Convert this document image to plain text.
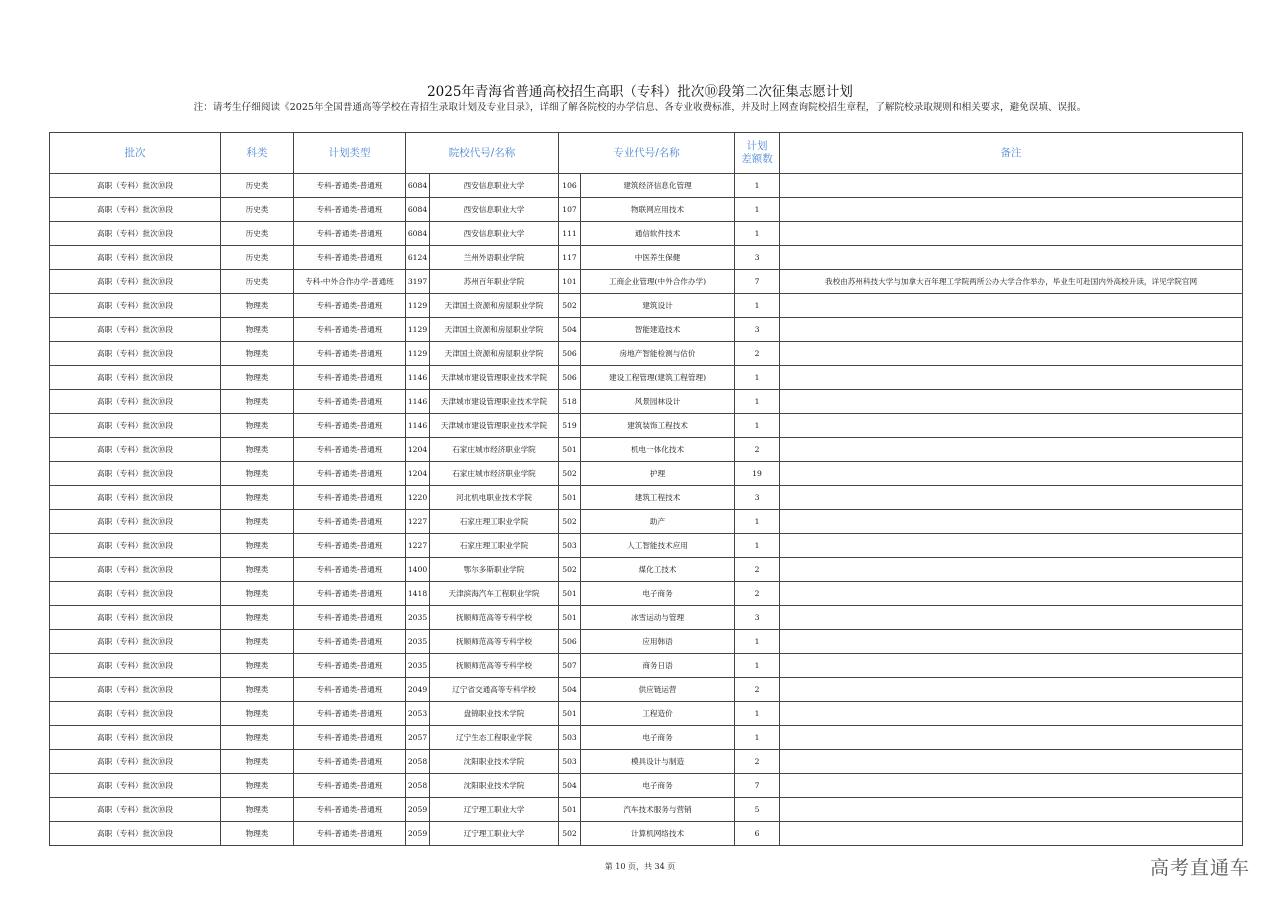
2025年青海省普通高校招生高职（专科）批次⑩段第二次征集志愿计划
注：请考生仔细阅读《2025年全国普通高等学校在青招生录取计划及专业目录》，详细了解各院校的办学信息、各专业收费标准，并及时上网查询院校招生章程，了解院校录取规则和相关要求，避免误填、误报。
批次	科类	计划类型	院校代号/名称		专业代号/名称		计划
差额数	备注
高职（专科）批次⑩段	历史类	专科-普通类-普通班	6084	西安信息职业大学	106	建筑经济信息化管理	1	
高职（专科）批次⑩段	历史类	专科-普通类-普通班	6084	西安信息职业大学	107	物联网应用技术	1	
高职（专科）批次⑩段	历史类	专科-普通类-普通班	6084	西安信息职业大学	111	通信软件技术	1	
高职（专科）批次⑩段	历史类	专科-普通类-普通班	6124	兰州外语职业学院	117	中医养生保健	3	
高职（专科）批次⑩段	历史类	专科-中外合作办学-普通班	3197	苏州百年职业学院	101	工商企业管理(中外合作办学)	7	我校由苏州科技大学与加拿大百年理工学院两所公办大学合作举办，毕业生可赴国内外高校升读，详见学院官网
高职（专科）批次⑩段	物理类	专科-普通类-普通班	1129	天津国土资源和房屋职业学院	502	建筑设计	1	
高职（专科）批次⑩段	物理类	专科-普通类-普通班	1129	天津国土资源和房屋职业学院	504	智能建造技术	3	
高职（专科）批次⑩段	物理类	专科-普通类-普通班	1129	天津国土资源和房屋职业学院	506	房地产智能检测与估价	2	
高职（专科）批次⑩段	物理类	专科-普通类-普通班	1146	天津城市建设管理职业技术学院	506	建设工程管理(建筑工程管理)	1	
高职（专科）批次⑩段	物理类	专科-普通类-普通班	1146	天津城市建设管理职业技术学院	518	风景园林设计	1	
高职（专科）批次⑩段	物理类	专科-普通类-普通班	1146	天津城市建设管理职业技术学院	519	建筑装饰工程技术	1	
高职（专科）批次⑩段	物理类	专科-普通类-普通班	1204	石家庄城市经济职业学院	501	机电一体化技术	2	
高职（专科）批次⑩段	物理类	专科-普通类-普通班	1204	石家庄城市经济职业学院	502	护理	19	
高职（专科）批次⑩段	物理类	专科-普通类-普通班	1220	河北机电职业技术学院	501	建筑工程技术	3	
高职（专科）批次⑩段	物理类	专科-普通类-普通班	1227	石家庄理工职业学院	502	助产	1	
高职（专科）批次⑩段	物理类	专科-普通类-普通班	1227	石家庄理工职业学院	503	人工智能技术应用	1	
高职（专科）批次⑩段	物理类	专科-普通类-普通班	1400	鄂尔多斯职业学院	502	煤化工技术	2	
高职（专科）批次⑩段	物理类	专科-普通类-普通班	1418	天津滨海汽车工程职业学院	501	电子商务	2	
高职（专科）批次⑩段	物理类	专科-普通类-普通班	2035	抚顺师范高等专科学校	501	冰雪运动与管理	3	
高职（专科）批次⑩段	物理类	专科-普通类-普通班	2035	抚顺师范高等专科学校	506	应用韩语	1	
高职（专科）批次⑩段	物理类	专科-普通类-普通班	2035	抚顺师范高等专科学校	507	商务日语	1	
高职（专科）批次⑩段	物理类	专科-普通类-普通班	2049	辽宁省交通高等专科学校	504	供应链运营	2	
高职（专科）批次⑩段	物理类	专科-普通类-普通班	2053	盘锦职业技术学院	501	工程造价	1	
高职（专科）批次⑩段	物理类	专科-普通类-普通班	2057	辽宁生态工程职业学院	503	电子商务	1	
高职（专科）批次⑩段	物理类	专科-普通类-普通班	2058	沈阳职业技术学院	503	模具设计与制造	2	
高职（专科）批次⑩段	物理类	专科-普通类-普通班	2058	沈阳职业技术学院	504	电子商务	7	
高职（专科）批次⑩段	物理类	专科-普通类-普通班	2059	辽宁理工职业大学	501	汽车技术服务与营销	5	
高职（专科）批次⑩段	物理类	专科-普通类-普通班	2059	辽宁理工职业大学	502	计算机网络技术	6	
第 10 页，共 34 页	高考直通车
